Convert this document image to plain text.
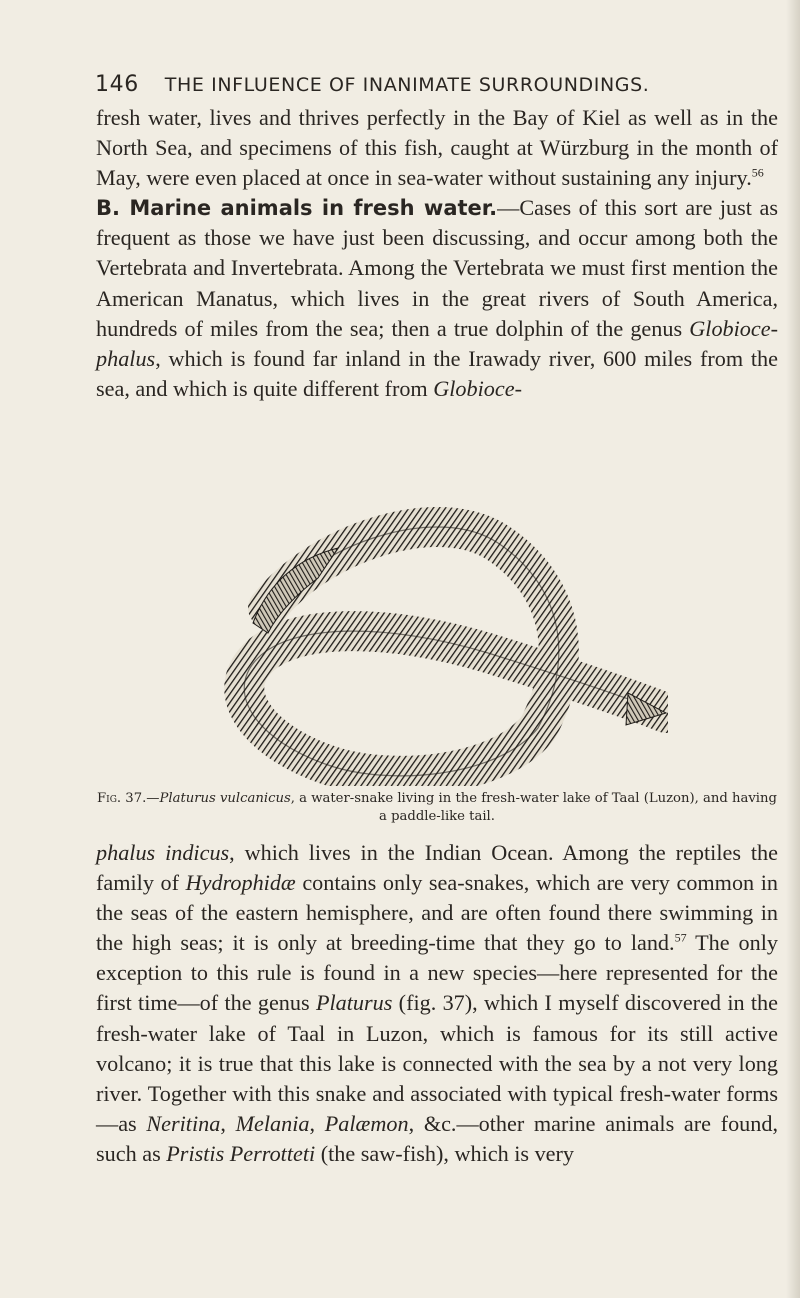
146 THE INFLUENCE OF INANIMATE SURROUNDINGS.

fresh water, lives and thrives perfectly in the Bay of Kiel as well as in the North Sea, and specimens of this fish, caught at Würzburg in the month of May, were even placed at once in sea-water without sustaining any injury.$^{56}$
B. Marine animals in fresh water.—Cases of this sort are just as frequent as those we have just been discussing, and occur among both the Vertebrata and Invertebrata. Among the Vertebrata we must first mention the American Manatus, which lives in the great rivers of South America, hundreds of miles from the sea; then a true dolphin of the genus Globiocephalus, which is found far inland in the Irawady river, 600 miles from the sea, and which is quite different from Globioce-

Fig. 37.—Platurus vulcanicus, a water-snake living in the fresh-water lake of Taal (Luzon), and having a paddle-like tail.

phalus indicus, which lives in the Indian Ocean. Among the reptiles the family of Hydrophidæ contains only sea-snakes, which are very common in the seas of the eastern hemisphere, and are often found there swimming in the high seas; it is only at breeding-time that they go to land.$^{57}$ The only exception to this rule is found in a new species—here represented for the first time—of the genus Platurus (fig. 37), which I myself discovered in the fresh-water lake of Taal in Luzon, which is famous for its still active volcano; it is true that this lake is connected with the sea by a not very long river. Together with this snake and associated with typical fresh-water forms—as Neritina, Melania, Palæmon, &c.—other marine animals are found, such as Pristis Perrotteti (the saw-fish), which is very
